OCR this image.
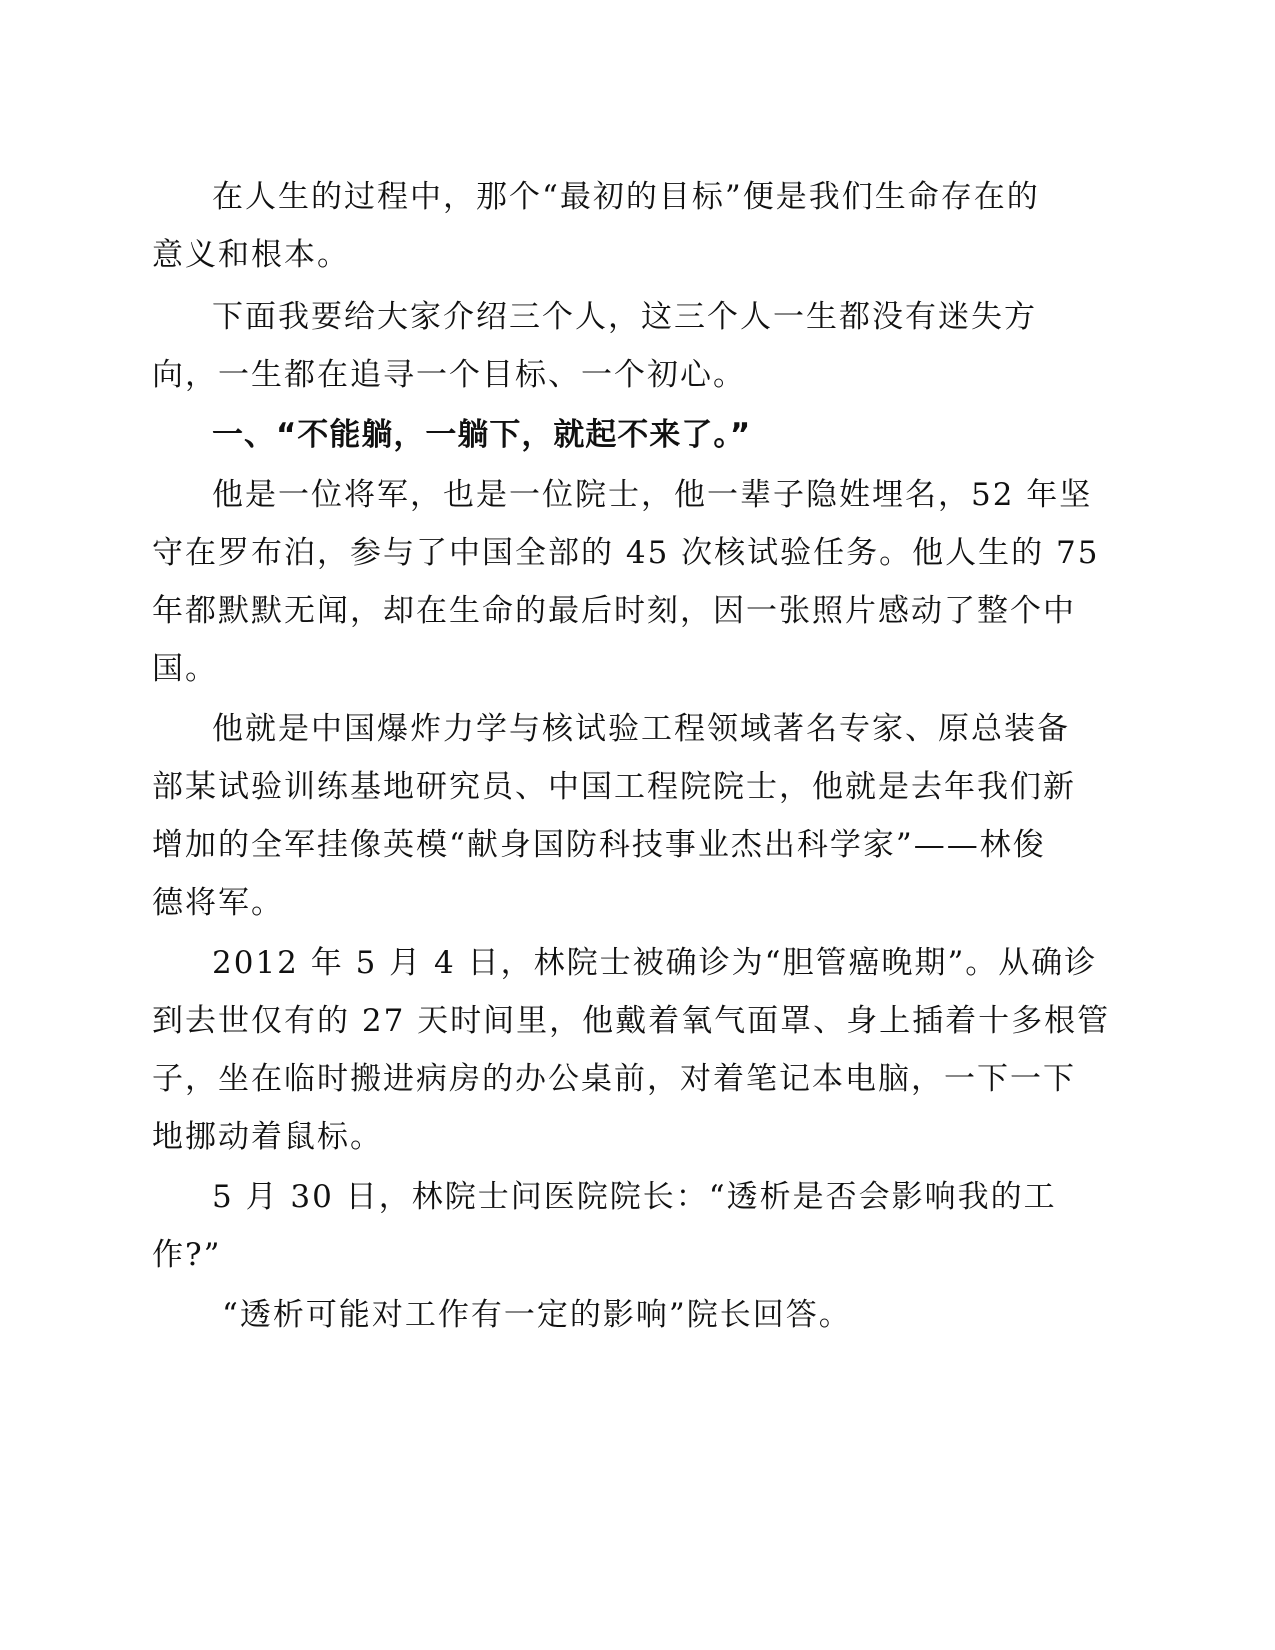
在人生的过程中，那个“最初的目标”便是我们生命存在的
意义和根本。
下面我要给大家介绍三个人，这三个人一生都没有迷失方
向，一生都在追寻一个目标、一个初心。
一、“不能躺，一躺下，就起不来了。”
他是一位将军，也是一位院士，他一辈子隐姓埋名，52 年坚
守在罗布泊，参与了中国全部的 45 次核试验任务。他人生的 75
年都默默无闻，却在生命的最后时刻，因一张照片感动了整个中
国。
他就是中国爆炸力学与核试验工程领域著名专家、原总装备
部某试验训练基地研究员、中国工程院院士，他就是去年我们新
增加的全军挂像英模“献身国防科技事业杰出科学家”——林俊
德将军。
2012 年 5 月 4 日，林院士被确诊为“胆管癌晚期”。从确诊
到去世仅有的 27 天时间里，他戴着氧气面罩、身上插着十多根管
子，坐在临时搬进病房的办公桌前，对着笔记本电脑，一下一下
地挪动着鼠标。
5 月 30 日，林院士问医院院长：“透析是否会影响我的工
作?”
“透析可能对工作有一定的影响”院长回答。
